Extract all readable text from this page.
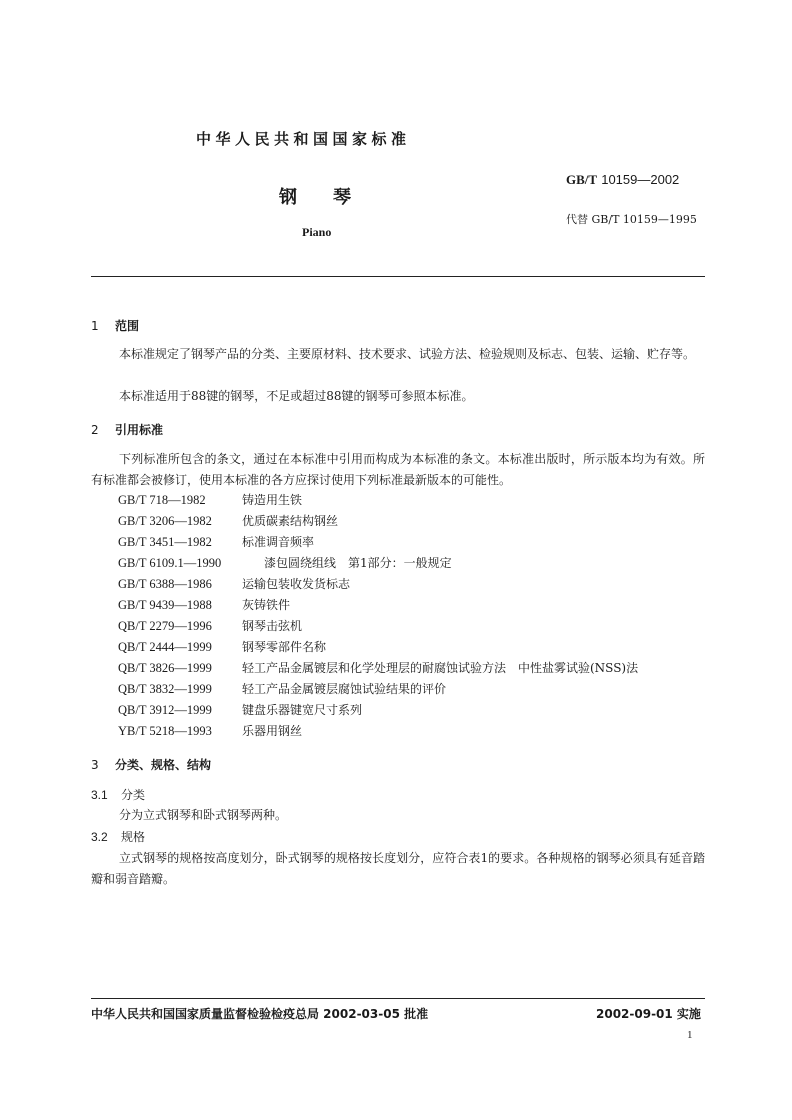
中华人民共和国国家标准
GB/T 10159—2002
钢琴
代替 GB/T 10159—1995
Piano
1 范围
本标准规定了钢琴产品的分类、主要原材料、技术要求、试验方法、检验规则及标志、包装、运输、贮存等。
本标准适用于88键的钢琴，不足或超过88键的钢琴可参照本标准。
2 引用标准
下列标准所包含的条文，通过在本标准中引用而构成为本标准的条文。本标准出版时，所示版本均为有效。所有标准都会被修订，使用本标准的各方应探讨使用下列标准最新版本的可能性。
GB/T 718—1982	铸造用生铁
GB/T 3206—1982	优质碳素结构钢丝
GB/T 3451—1982	标准调音频率
GB/T 6109.1—1990	漆包圆绕组线　第1部分：一般规定
GB/T 6388—1986	运输包装收发货标志
GB/T 9439—1988	灰铸铁件
QB/T 2279—1996	钢琴击弦机
QB/T 2444—1999	钢琴零部件名称
QB/T 3826—1999	轻工产品金属镀层和化学处理层的耐腐蚀试验方法　中性盐雾试验(NSS)法
QB/T 3832—1999	轻工产品金属镀层腐蚀试验结果的评价
QB/T 3912—1999	键盘乐器键宽尺寸系列
YB/T 5218—1993	乐器用钢丝
3 分类、规格、结构
3.1 分类
分为立式钢琴和卧式钢琴两种。
3.2 规格
立式钢琴的规格按高度划分，卧式钢琴的规格按长度划分，应符合表1的要求。各种规格的钢琴必须具有延音踏瓣和弱音踏瓣。
中华人民共和国国家质量监督检验检疫总局 2002-03-05 批准	2002-09-01 实施
1
